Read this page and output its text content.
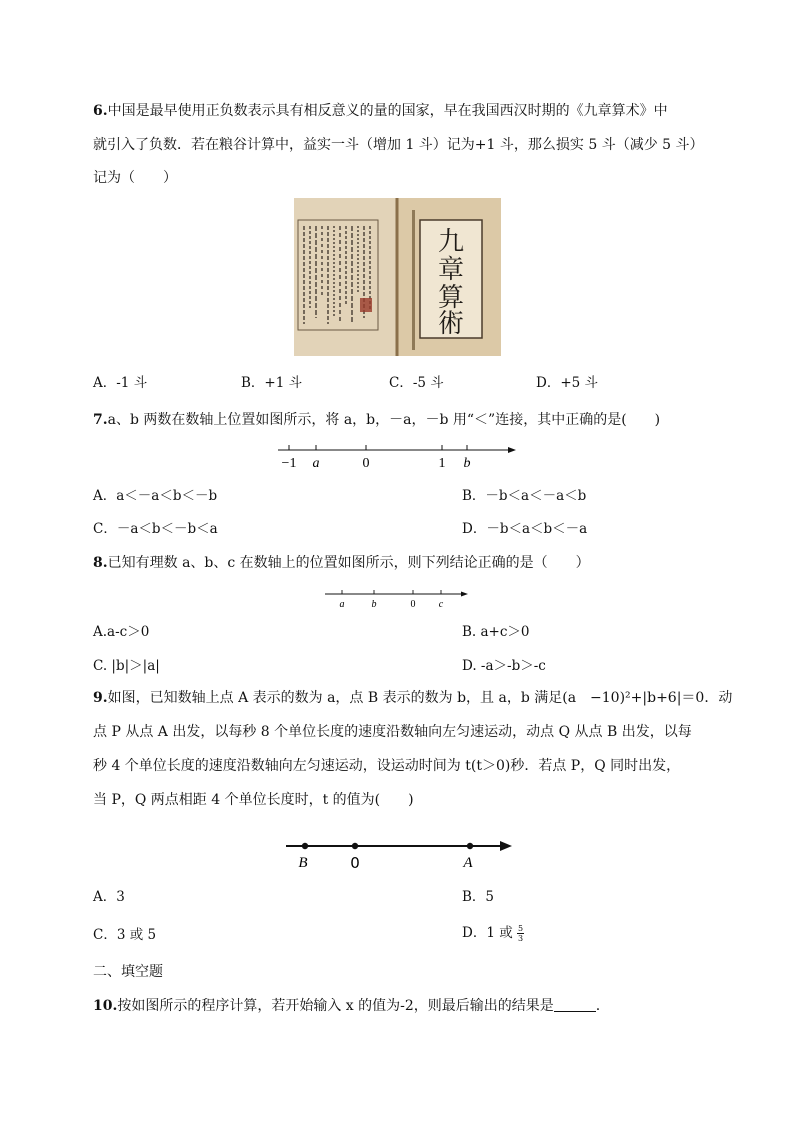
6.中国是最早使用正负数表示具有相反意义的量的国家，早在我国西汉时期的《九章算术》中
就引入了负数．若在粮谷计算中，益实一斗（增加 1 斗）记为+1 斗，那么损实 5 斗（减少 5 斗）
记为（　　）
九
章
算
術
A．-1 斗	B．+1 斗	C．-5 斗	D．+5 斗
7.a、b 两数在数轴上位置如图所示，将 a，b，－a，－b 用“＜”连接，其中正确的是(　　)
−1 a	0	1 b
A．a＜－a＜b＜－b	B．－b＜a＜－a＜b
C．－a＜b＜－b＜a	D．－b＜a＜b＜－a
8.已知有理数 a、b、c 在数轴上的位置如图所示，则下列结论正确的是（　　）
a	b	0 c
A.a-c＞0	B. a+c＞0
C. |b|＞|a|	D. -a＞-b＞-c
9.如图，已知数轴上点 A 表示的数为 a，点 B 表示的数为 b，且 a，b 满足(a　−10)²+|b+6|＝0．动
点 P 从点 A 出发，以每秒 8 个单位长度的速度沿数轴向左匀速运动，动点 Q 从点 B 出发，以每
秒 4 个单位长度的速度沿数轴向左匀速运动，设运动时间为 t(t＞0)秒．若点 P，Q 同时出发，
当 P，Q 两点相距 4 个单位长度时，t 的值为(　　)
B	0	A
A．3	B．5
C．3 或 5	D．1 或 $\frac{5}{3}$
二、填空题
10.按如图所示的程序计算，若开始输入 x 的值为-2，则最后输出的结果是	.
